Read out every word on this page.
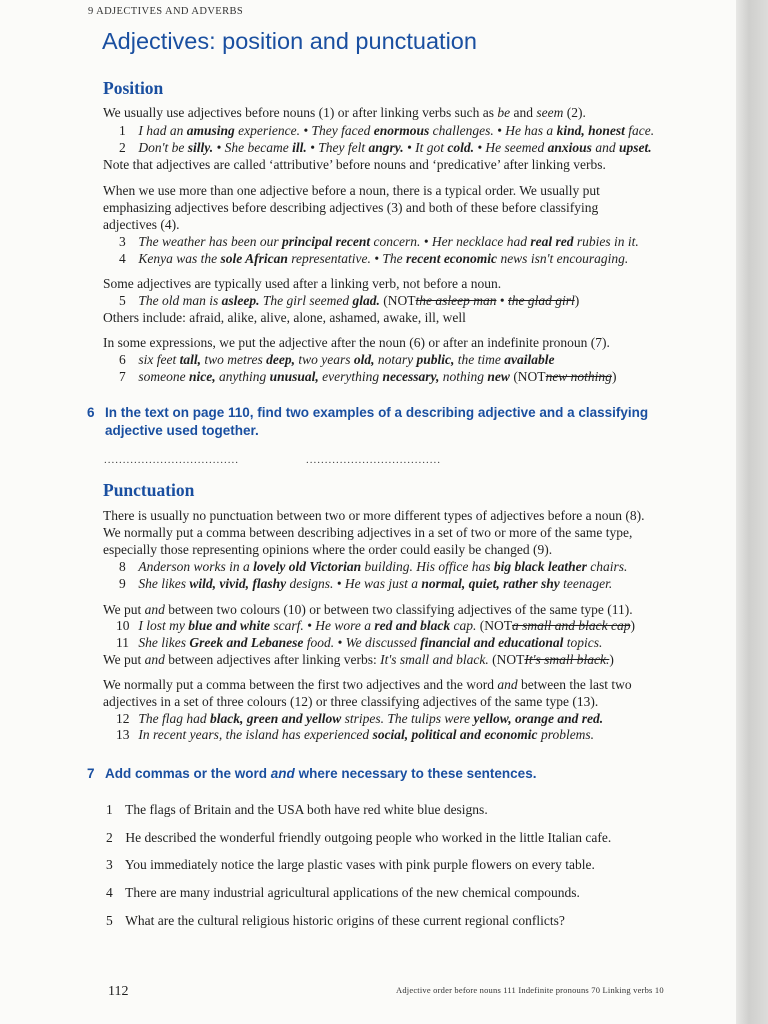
9 ADJECTIVES AND ADVERBS
Adjectives: position and punctuation
Position
We usually use adjectives before nouns (1) or after linking verbs such as be and seem (2).
1 I had an amusing experience. • They faced enormous challenges. • He has a kind, honest face.
2 Don't be silly. • She became ill. • They felt angry. • It got cold. • He seemed anxious and upset.
Note that adjectives are called ‘attributive’ before nouns and ‘predicative’ after linking verbs.
When we use more than one adjective before a noun, there is a typical order. We usually put
emphasizing adjectives before describing adjectives (3) and both of these before classifying
adjectives (4).
3 The weather has been our principal recent concern. • Her necklace had real red rubies in it.
4 Kenya was the sole African representative. • The recent economic news isn't encouraging.
Some adjectives are typically used after a linking verb, not before a noun.
5 The old man is asleep. The girl seemed glad. (NOTthe asleep man • the glad girl)
Others include: afraid, alike, alive, alone, ashamed, awake, ill, well
In some expressions, we put the adjective after the noun (6) or after an indefinite pronoun (7).
6 six feet tall, two metres deep, two years old, notary public, the time available
7 someone nice, anything unusual, everything necessary, nothing new (NOTnew nothing)
6 In the text on page 110, find two examples of a describing adjective and a classifying
adjective used together.
....................................	....................................
Punctuation
There is usually no punctuation between two or more different types of adjectives before a noun (8).
We normally put a comma between describing adjectives in a set of two or more of the same type,
especially those representing opinions where the order could easily be changed (9).
8 Anderson works in a lovely old Victorian building. His office has big black leather chairs.
9 She likes wild, vivid, flashy designs. • He was just a normal, quiet, rather shy teenager.
We put and between two colours (10) or between two classifying adjectives of the same type (11).
10 I lost my blue and white scarf. • He wore a red and black cap. (NOTa small and black cap)
11 She likes Greek and Lebanese food. • We discussed financial and educational topics.
We put and between adjectives after linking verbs: It's small and black. (NOTIt's small black.)
We normally put a comma between the first two adjectives and the word and between the last two
adjectives in a set of three colours (12) or three classifying adjectives of the same type (13).
12 The flag had black, green and yellow stripes. The tulips were yellow, orange and red.
13 In recent years, the island has experienced social, political and economic problems.
7 Add commas or the word and where necessary to these sentences.
1 The flags of Britain and the USA both have red white blue designs.
2 He described the wonderful friendly outgoing people who worked in the little Italian cafe.
3 You immediately notice the large plastic vases with pink purple flowers on every table.
4 There are many industrial agricultural applications of the new chemical compounds.
5 What are the cultural religious historic origins of these current regional conflicts?
112	Adjective order before nouns 111 Indefinite pronouns 70 Linking verbs 10
